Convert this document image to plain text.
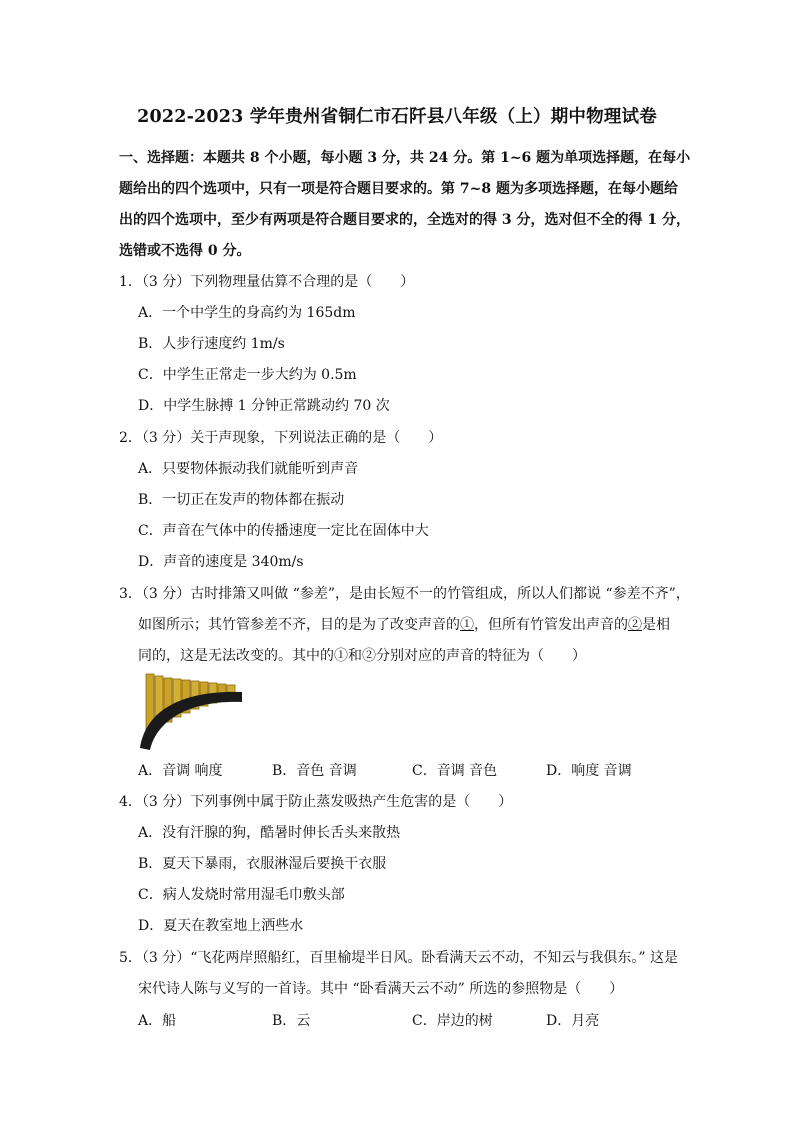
2022-2023 学年贵州省铜仁市石阡县八年级（上）期中物理试卷
一、选择题：本题共 8 个小题，每小题 3 分，共 24 分。第 1~6 题为单项选择题，在每小
题给出的四个选项中，只有一项是符合题目要求的。第 7~8 题为多项选择题，在每小题给
出的四个选项中，至少有两项是符合题目要求的，全选对的得 3 分，选对但不全的得 1 分，
选错或不选得 0 分。
1．（3 分）下列物理量估算不合理的是（　　）
A．一个中学生的身高约为 165dm
B．人步行速度约 1m/s
C．中学生正常走一步大约为 0.5m
D．中学生脉搏 1 分钟正常跳动约 70 次
2．（3 分）关于声现象，下列说法正确的是（　　）
A．只要物体振动我们就能听到声音
B．一切正在发声的物体都在振动
C．声音在气体中的传播速度一定比在固体中大
D．声音的速度是 340m/s
3．（3 分）古时排箫又叫做 “参差”，是由长短不一的竹管组成，所以人们都说 “参差不齐”，
如图所示；其竹管参差不齐，目的是为了改变声音的①，但所有竹管发出声音的②是相
同的，这是无法改变的。其中的①和②分别对应的声音的特征为（　　）
A．音调 响度	B．音色 音调	C．音调 音色	D．响度 音调
4．（3 分）下列事例中属于防止蒸发吸热产生危害的是（　　）
A．没有汗腺的狗，酷暑时伸长舌头来散热
B．夏天下暴雨，衣服淋湿后要换干衣服
C．病人发烧时常用湿毛巾敷头部
D．夏天在教室地上洒些水
5．（3 分）“飞花两岸照船红，百里榆堤半日风。卧看满天云不动，不知云与我俱东。” 这是
宋代诗人陈与义写的一首诗。其中 “卧看满天云不动” 所选的参照物是（　　）
A．船	B．云	C．岸边的树	D．月亮
